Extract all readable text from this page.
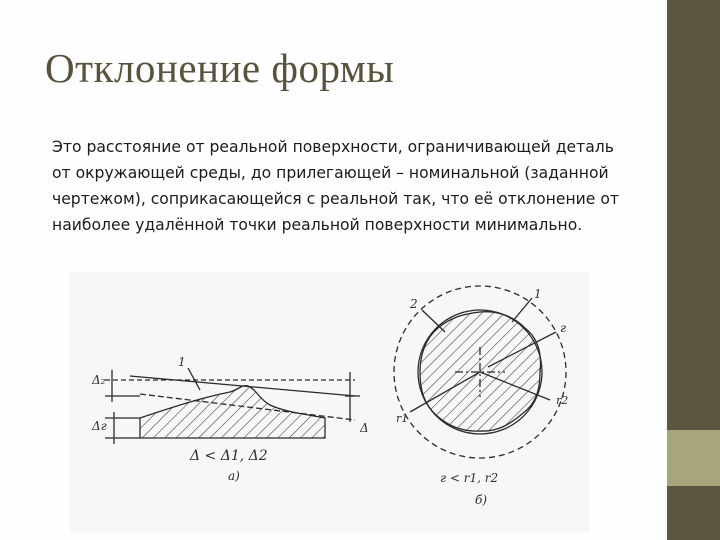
Отклонение формы
Это расстояние от реальной поверхности, ограничивающей деталь от окружающей среды, до прилегающей – номинальной (заданной чертежом), соприкасающейся с реальной так, что её отклонение от наиболее удалённой точки реальной поверхности минимально.
Δ₂
Δг
1
Δ
Δ < Δ1, Δ2
а)
2
1
г
r1
r2
г < r1, r2
б)
